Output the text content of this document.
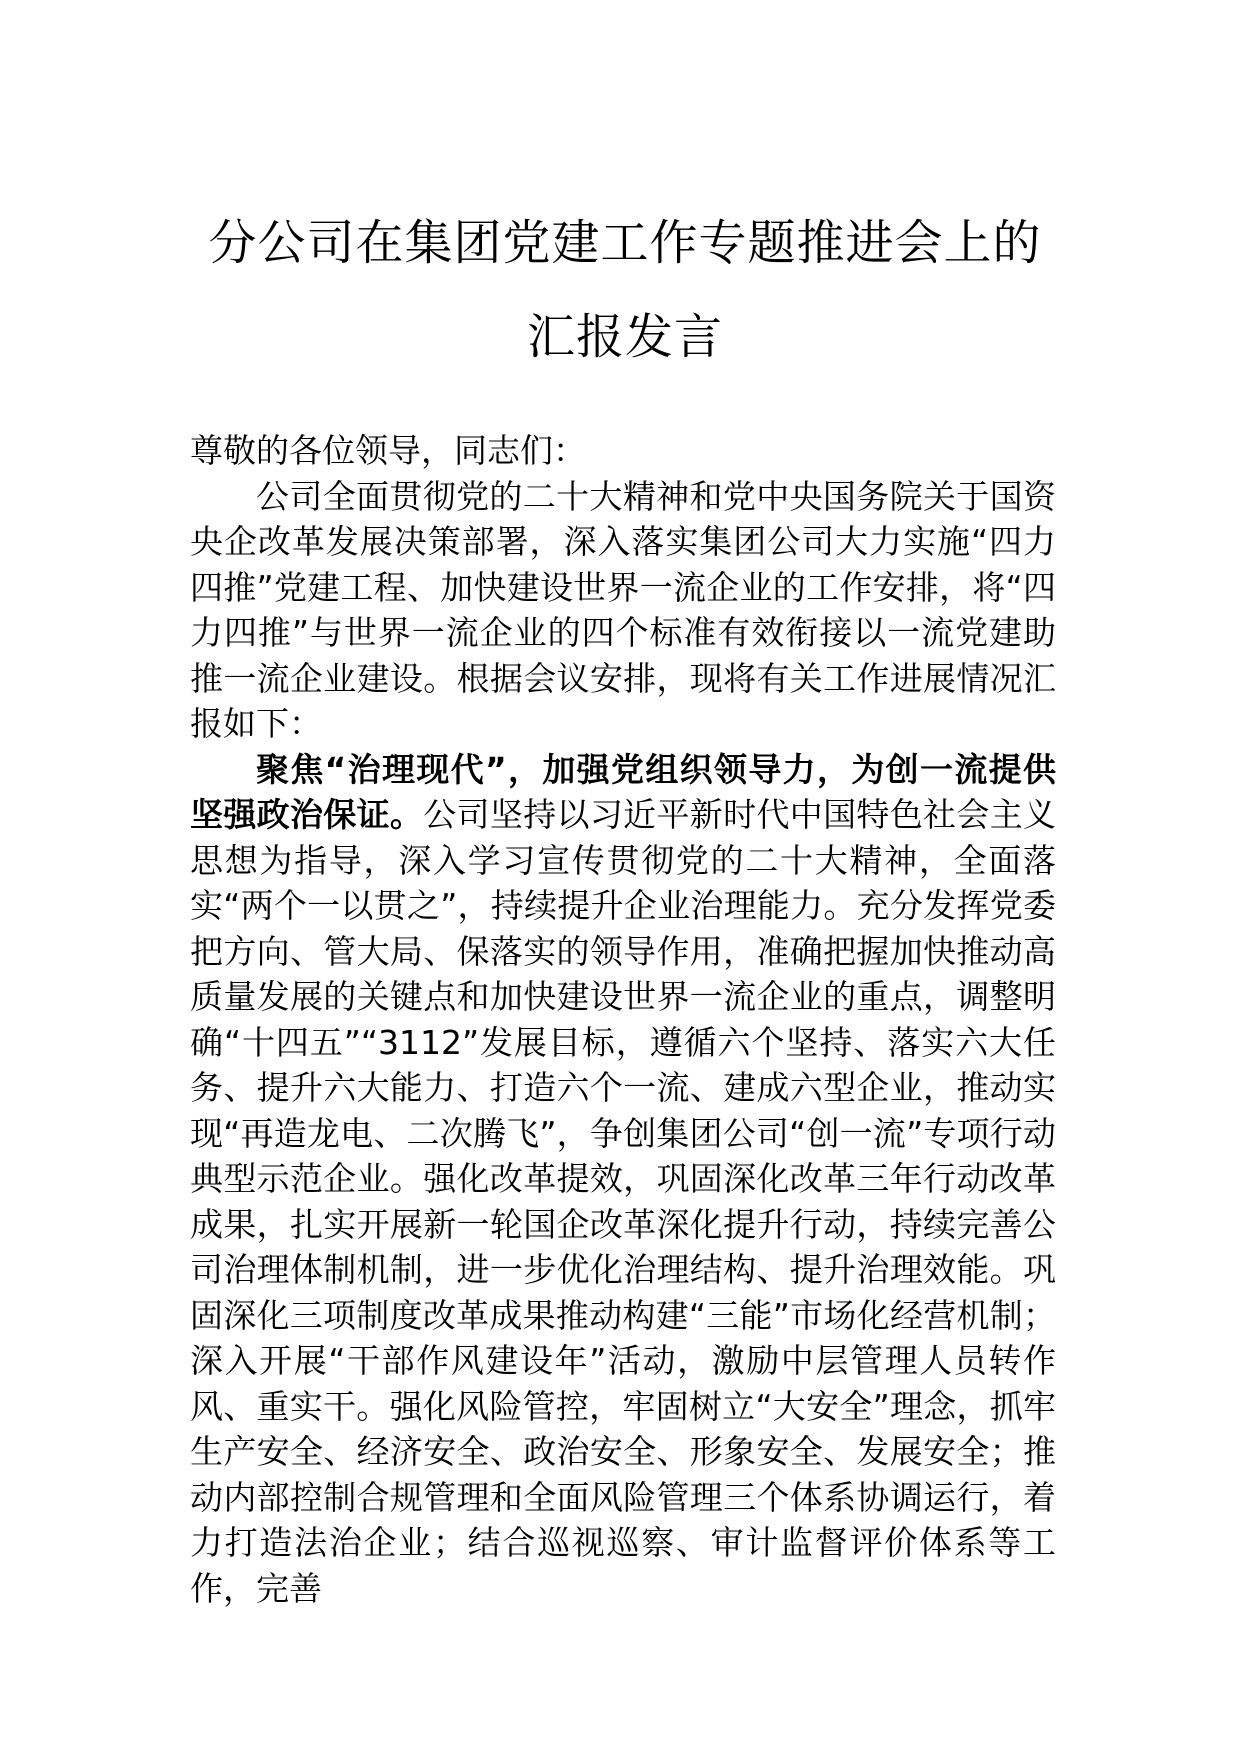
分公司在集团党建工作专题推进会上的汇报发言

尊敬的各位领导，同志们：

公司全面贯彻党的二十大精神和党中央国务院关于国资央企改革发展决策部署，深入落实集团公司大力实施“四力四推”党建工程、加快建设世界一流企业的工作安排，将“四力四推”与世界一流企业的四个标准有效衔接以一流党建助推一流企业建设。根据会议安排，现将有关工作进展情况汇报如下：

聚焦“治理现代”，加强党组织领导力，为创一流提供坚强政治保证。公司坚持以习近平新时代中国特色社会主义思想为指导，深入学习宣传贯彻党的二十大精神，全面落实“两个一以贯之”，持续提升企业治理能力。充分发挥党委把方向、管大局、保落实的领导作用，准确把握加快推动高质量发展的关键点和加快建设世界一流企业的重点，调整明确“十四五”“3112”发展目标，遵循六个坚持、落实六大任务、提升六大能力、打造六个一流、建成六型企业，推动实现“再造龙电、二次腾飞”，争创集团公司“创一流”专项行动典型示范企业。强化改革提效，巩固深化改革三年行动改革成果，扎实开展新一轮国企改革深化提升行动，持续完善公司治理体制机制，进一步优化治理结构、提升治理效能。巩固深化三项制度改革成果推动构建“三能”市场化经营机制；深入开展“干部作风建设年”活动，激励中层管理人员转作风、重实干。强化风险管控，牢固树立“大安全”理念，抓牢生产安全、经济安全、政治安全、形象安全、发展安全；推动内部控制合规管理和全面风险管理三个体系协调运行，着力打造法治企业；结合巡视巡察、审计监督评价体系等工作，完善
